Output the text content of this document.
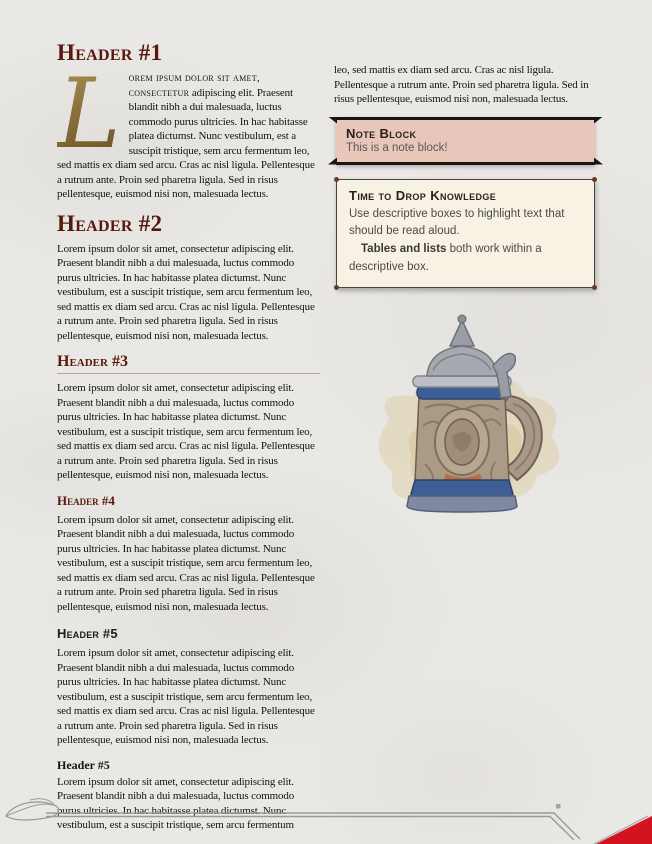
Header #1

L orem ipsum dolor sit amet, consectetur adipiscing elit. Praesent blandit nibh a dui malesuada, luctus commodo purus ultricies. In hac habitasse platea dictumst. Nunc vestibulum, est a suscipit tristique, sem arcu fermentum leo, sed mattis ex diam sed arcu. Cras ac nisl ligula. Pellentesque a rutrum ante. Proin sed pharetra ligula. Sed in risus pellentesque, euismod nisi non, malesuada lectus.

Header #2

Lorem ipsum dolor sit amet, consectetur adipiscing elit. Praesent blandit nibh a dui malesuada, luctus commodo purus ultricies. In hac habitasse platea dictumst. Nunc vestibulum, est a suscipit tristique, sem arcu fermentum leo, sed mattis ex diam sed arcu. Cras ac nisl ligula. Pellentesque a rutrum ante. Proin sed pharetra ligula. Sed in risus pellentesque, euismod nisi non, malesuada lectus.

Header #3

Lorem ipsum dolor sit amet, consectetur adipiscing elit. Praesent blandit nibh a dui malesuada, luctus commodo purus ultricies. In hac habitasse platea dictumst. Nunc vestibulum, est a suscipit tristique, sem arcu fermentum leo, sed mattis ex diam sed arcu. Cras ac nisl ligula. Pellentesque a rutrum ante. Proin sed pharetra ligula. Sed in risus pellentesque, euismod nisi non, malesuada lectus.

Header #4

Lorem ipsum dolor sit amet, consectetur adipiscing elit. Praesent blandit nibh a dui malesuada, luctus commodo purus ultricies. In hac habitasse platea dictumst. Nunc vestibulum, est a suscipit tristique, sem arcu fermentum leo, sed mattis ex diam sed arcu. Cras ac nisl ligula. Pellentesque a rutrum ante. Proin sed pharetra ligula. Sed in risus pellentesque, euismod nisi non, malesuada lectus.

Header #5

Lorem ipsum dolor sit amet, consectetur adipiscing elit. Praesent blandit nibh a dui malesuada, luctus commodo purus ultricies. In hac habitasse platea dictumst. Nunc vestibulum, est a suscipit tristique, sem arcu fermentum leo, sed mattis ex diam sed arcu. Cras ac nisl ligula. Pellentesque a rutrum ante. Proin sed pharetra ligula. Sed in risus pellentesque, euismod nisi non, malesuada lectus.

Header #5

Lorem ipsum dolor sit amet, consectetur adipiscing elit. Praesent blandit nibh a dui malesuada, luctus commodo purus ultricies. In hac habitasse platea dictumst. Nunc vestibulum, est a suscipit tristique, sem arcu fermentum

leo, sed mattis ex diam sed arcu. Cras ac nisl ligula. Pellentesque a rutrum ante. Proin sed pharetra ligula. Sed in risus pellentesque, euismod nisi non, malesuada lectus.

Note Block
This is a note block!
Time to Drop Knowledge
Use descriptive boxes to highlight text that should be read aloud.
Tables and lists both work within a descriptive box.
